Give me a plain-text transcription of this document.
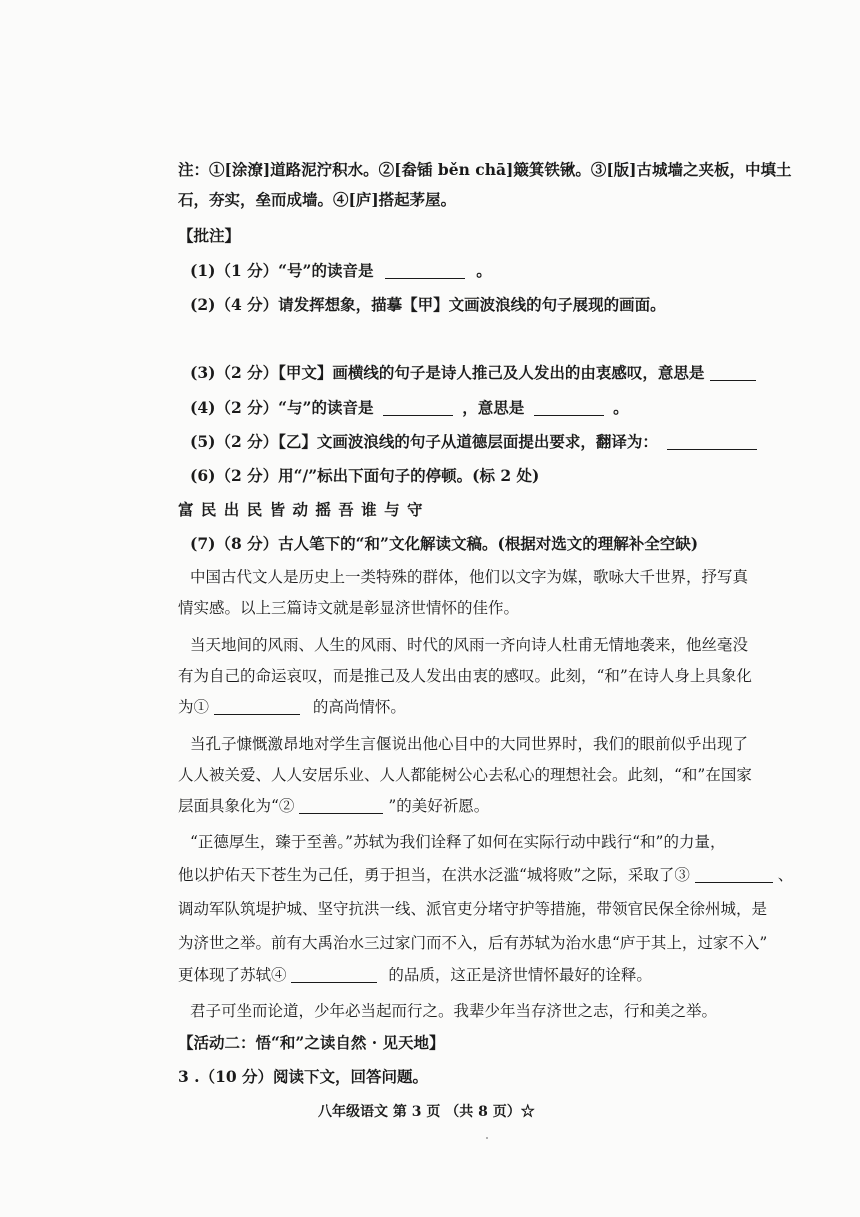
注：①[涂潦]道路泥泞积水。②[畚锸 běn chā]簸箕铁锹。③[版]古城墙之夹板，中填土
石，夯实，垒而成墙。④[庐]搭起茅屋。
【批注】
(1)（1 分）“号”的读音是	。
(2)（4 分）请发挥想象，描摹【甲】文画波浪线的句子展现的画面。
(3)（2 分）【甲文】画横线的句子是诗人推己及人发出的由衷感叹，意思是
(4)（2 分）“与”的读音是	，意思是	。
(5)（2 分）【乙】文画波浪线的句子从道德层面提出要求，翻译为：
(6)（2 分）用“/”标出下面句子的停顿。(标 2 处)
富 民 出 民 皆 动 摇 吾 谁 与 守
(7)（8 分）古人笔下的“和”文化解读文稿。(根据对选文的理解补全空缺)
中国古代文人是历史上一类特殊的群体，他们以文字为媒，歌咏大千世界，抒写真
情实感。以上三篇诗文就是彰显济世情怀的佳作。
当天地间的风雨、人生的风雨、时代的风雨一齐向诗人杜甫无情地袭来，他丝毫没
有为自己的命运哀叹，而是推己及人发出由衷的感叹。此刻，“和”在诗人身上具象化
为①	的高尚情怀。
当孔子慷慨激昂地对学生言偃说出他心目中的大同世界时，我们的眼前似乎出现了
人人被关爱、人人安居乐业、人人都能树公心去私心的理想社会。此刻，“和”在国家
层面具象化为“②	”的美好祈愿。
“正德厚生，臻于至善。”苏轼为我们诠释了如何在实际行动中践行“和”的力量，
他以护佑天下苍生为己任，勇于担当，在洪水泛滥“城将败”之际，采取了③	、
调动军队筑堤护城、坚守抗洪一线、派官吏分堵守护等措施，带领官民保全徐州城，是
为济世之举。前有大禹治水三过家门而不入，后有苏轼为治水患“庐于其上，过家不入”
更体现了苏轼④	的品质，这正是济世情怀最好的诠释。
君子可坐而论道，少年必当起而行之。我辈少年当存济世之志，行和美之举。
【活动二：悟“和”之读自然 · 见天地】
3 .（10 分）阅读下文，回答问题。
八年级语文 第 3 页 （共 8 页）☆
